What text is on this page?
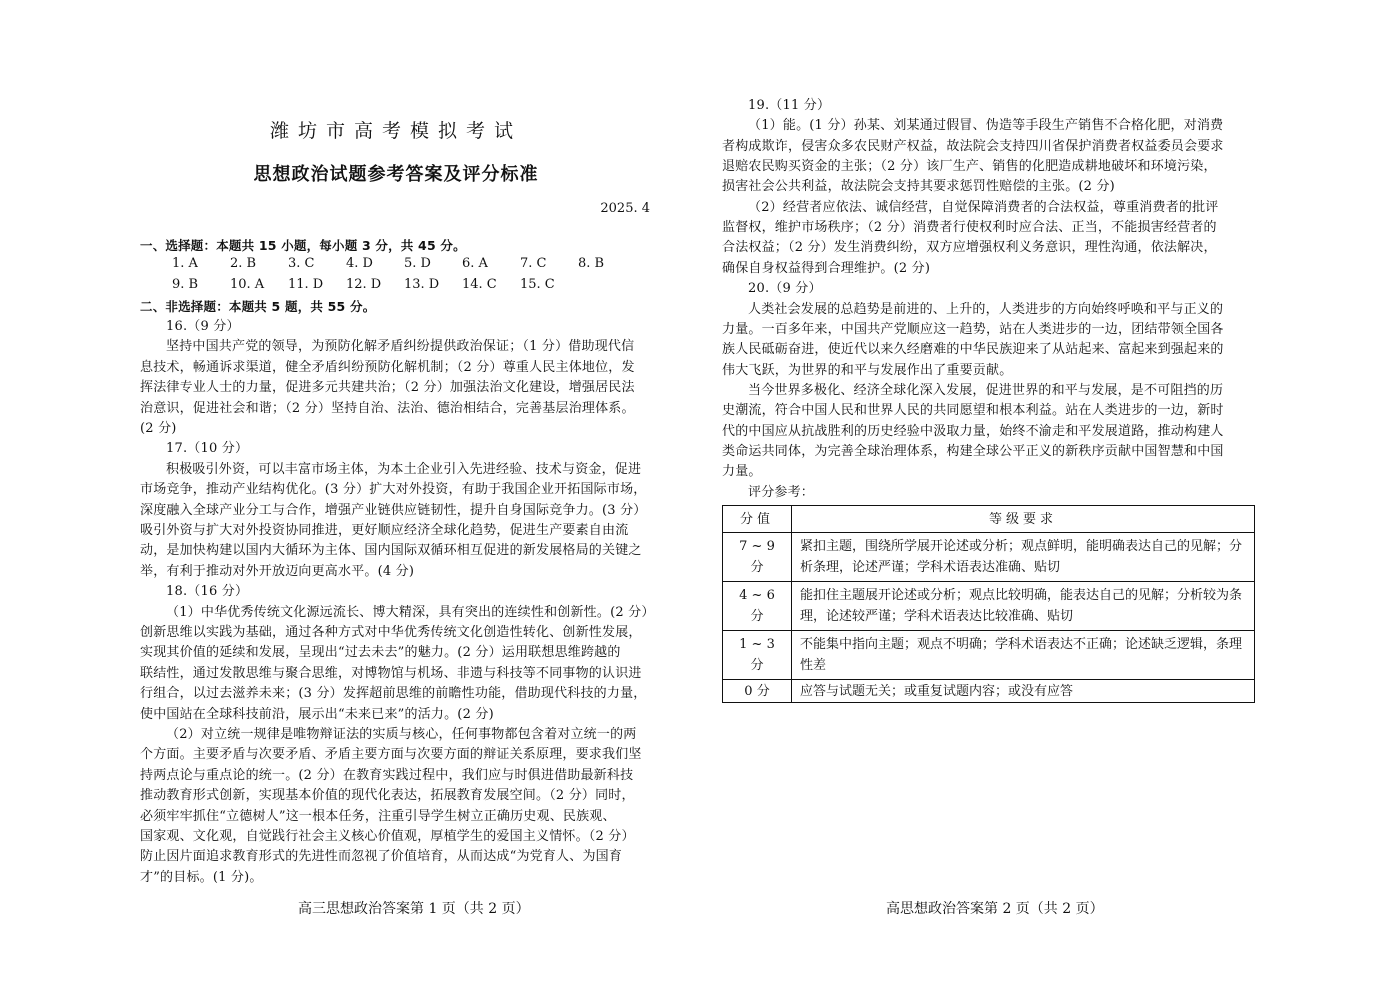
潍坊市高考模拟考试
思想政治试题参考答案及评分标准
2025. 4
一、选择题：本题共 15 小题，每小题 3 分，共 45 分。
1. A 2. B 3. C 4. D 5. D 6. A 7. C 8. B
9. B 10. A 11. D 12. D 13. D 14. C 15. C
二、非选择题：本题共 5 题，共 55 分。
16.（9 分）
坚持中国共产党的领导，为预防化解矛盾纠纷提供政治保证；（1 分）借助现代信
息技术，畅通诉求渠道，健全矛盾纠纷预防化解机制；（2 分）尊重人民主体地位，发
挥法律专业人士的力量，促进多元共建共治；（2 分）加强法治文化建设，增强居民法
治意识，促进社会和谐；（2 分）坚持自治、法治、德治相结合，完善基层治理体系。
(2 分)
17.（10 分）
积极吸引外资，可以丰富市场主体，为本土企业引入先进经验、技术与资金，促进
市场竞争，推动产业结构优化。(3 分）扩大对外投资，有助于我国企业开拓国际市场，
深度融入全球产业分工与合作，增强产业链供应链韧性，提升自身国际竞争力。(3 分）
吸引外资与扩大对外投资协同推进，更好顺应经济全球化趋势，促进生产要素自由流
动，是加快构建以国内大循环为主体、国内国际双循环相互促进的新发展格局的关键之
举，有利于推动对外开放迈向更高水平。(4 分)
18.（16 分）
（1）中华优秀传统文化源远流长、博大精深，具有突出的连续性和创新性。(2 分）
创新思维以实践为基础，通过各种方式对中华优秀传统文化创造性转化、创新性发展，
实现其价值的延续和发展，呈现出“过去未去”的魅力。(2 分）运用联想思维跨越的
联结性，通过发散思维与聚合思维，对博物馆与机场、非遗与科技等不同事物的认识进
行组合，以过去滋养未来；(3 分）发挥超前思维的前瞻性功能，借助现代科技的力量，
使中国站在全球科技前沿，展示出“未来已来”的活力。(2 分)
（2）对立统一规律是唯物辩证法的实质与核心，任何事物都包含着对立统一的两
个方面。主要矛盾与次要矛盾、矛盾主要方面与次要方面的辩证关系原理，要求我们坚
持两点论与重点论的统一。(2 分）在教育实践过程中，我们应与时俱进借助最新科技
推动教育形式创新，实现基本价值的现代化表达，拓展教育发展空间。（2 分）同时，
必须牢牢抓住“立德树人”这一根本任务，注重引导学生树立正确历史观、民族观、
国家观、文化观，自觉践行社会主义核心价值观，厚植学生的爱国主义情怀。（2 分）
防止因片面追求教育形式的先进性而忽视了价值培育，从而达成“为党育人、为国育
才”的目标。(1 分)。
高三思想政治答案第 1 页（共 2 页）
19.（11 分）
（1）能。(1 分）孙某、刘某通过假冒、伪造等手段生产销售不合格化肥，对消费
者构成欺诈，侵害众多农民财产权益，故法院会支持四川省保护消费者权益委员会要求
退赔农民购买资金的主张；（2 分）该厂生产、销售的化肥造成耕地破坏和环境污染，
损害社会公共利益，故法院会支持其要求惩罚性赔偿的主张。(2 分)
（2）经营者应依法、诚信经营，自觉保障消费者的合法权益，尊重消费者的批评
监督权，维护市场秩序；（2 分）消费者行使权利时应合法、正当，不能损害经营者的
合法权益；（2 分）发生消费纠纷，双方应增强权利义务意识，理性沟通，依法解决，
确保自身权益得到合理维护。(2 分)
20.（9 分）
人类社会发展的总趋势是前进的、上升的，人类进步的方向始终呼唤和平与正义的
力量。一百多年来，中国共产党顺应这一趋势，站在人类进步的一边，团结带领全国各
族人民砥砺奋进，使近代以来久经磨难的中华民族迎来了从站起来、富起来到强起来的
伟大飞跃，为世界的和平与发展作出了重要贡献。
当今世界多极化、经济全球化深入发展，促进世界的和平与发展，是不可阻挡的历
史潮流，符合中国人民和世界人民的共同愿望和根本利益。站在人类进步的一边，新时
代的中国应从抗战胜利的历史经验中汲取力量，始终不渝走和平发展道路，推动构建人
类命运共同体，为完善全球治理体系，构建全球公平正义的新秩序贡献中国智慧和中国
力量。
评分参考：
分值	等级要求
7 ~ 9 分	紧扣主题，围绕所学展开论述或分析；观点鲜明，能明确表达自己的见解；分析条理，论述严谨；学科术语表达准确、贴切
4 ~ 6 分	能扣住主题展开论述或分析；观点比较明确，能表达自己的见解；分析较为条理，论述较严谨；学科术语表达比较准确、贴切
1 ~ 3 分	不能集中指向主题；观点不明确；学科术语表达不正确；论述缺乏逻辑，条理性差
0 分	应答与试题无关；或重复试题内容；或没有应答
高思想政治答案第 2 页（共 2 页）
